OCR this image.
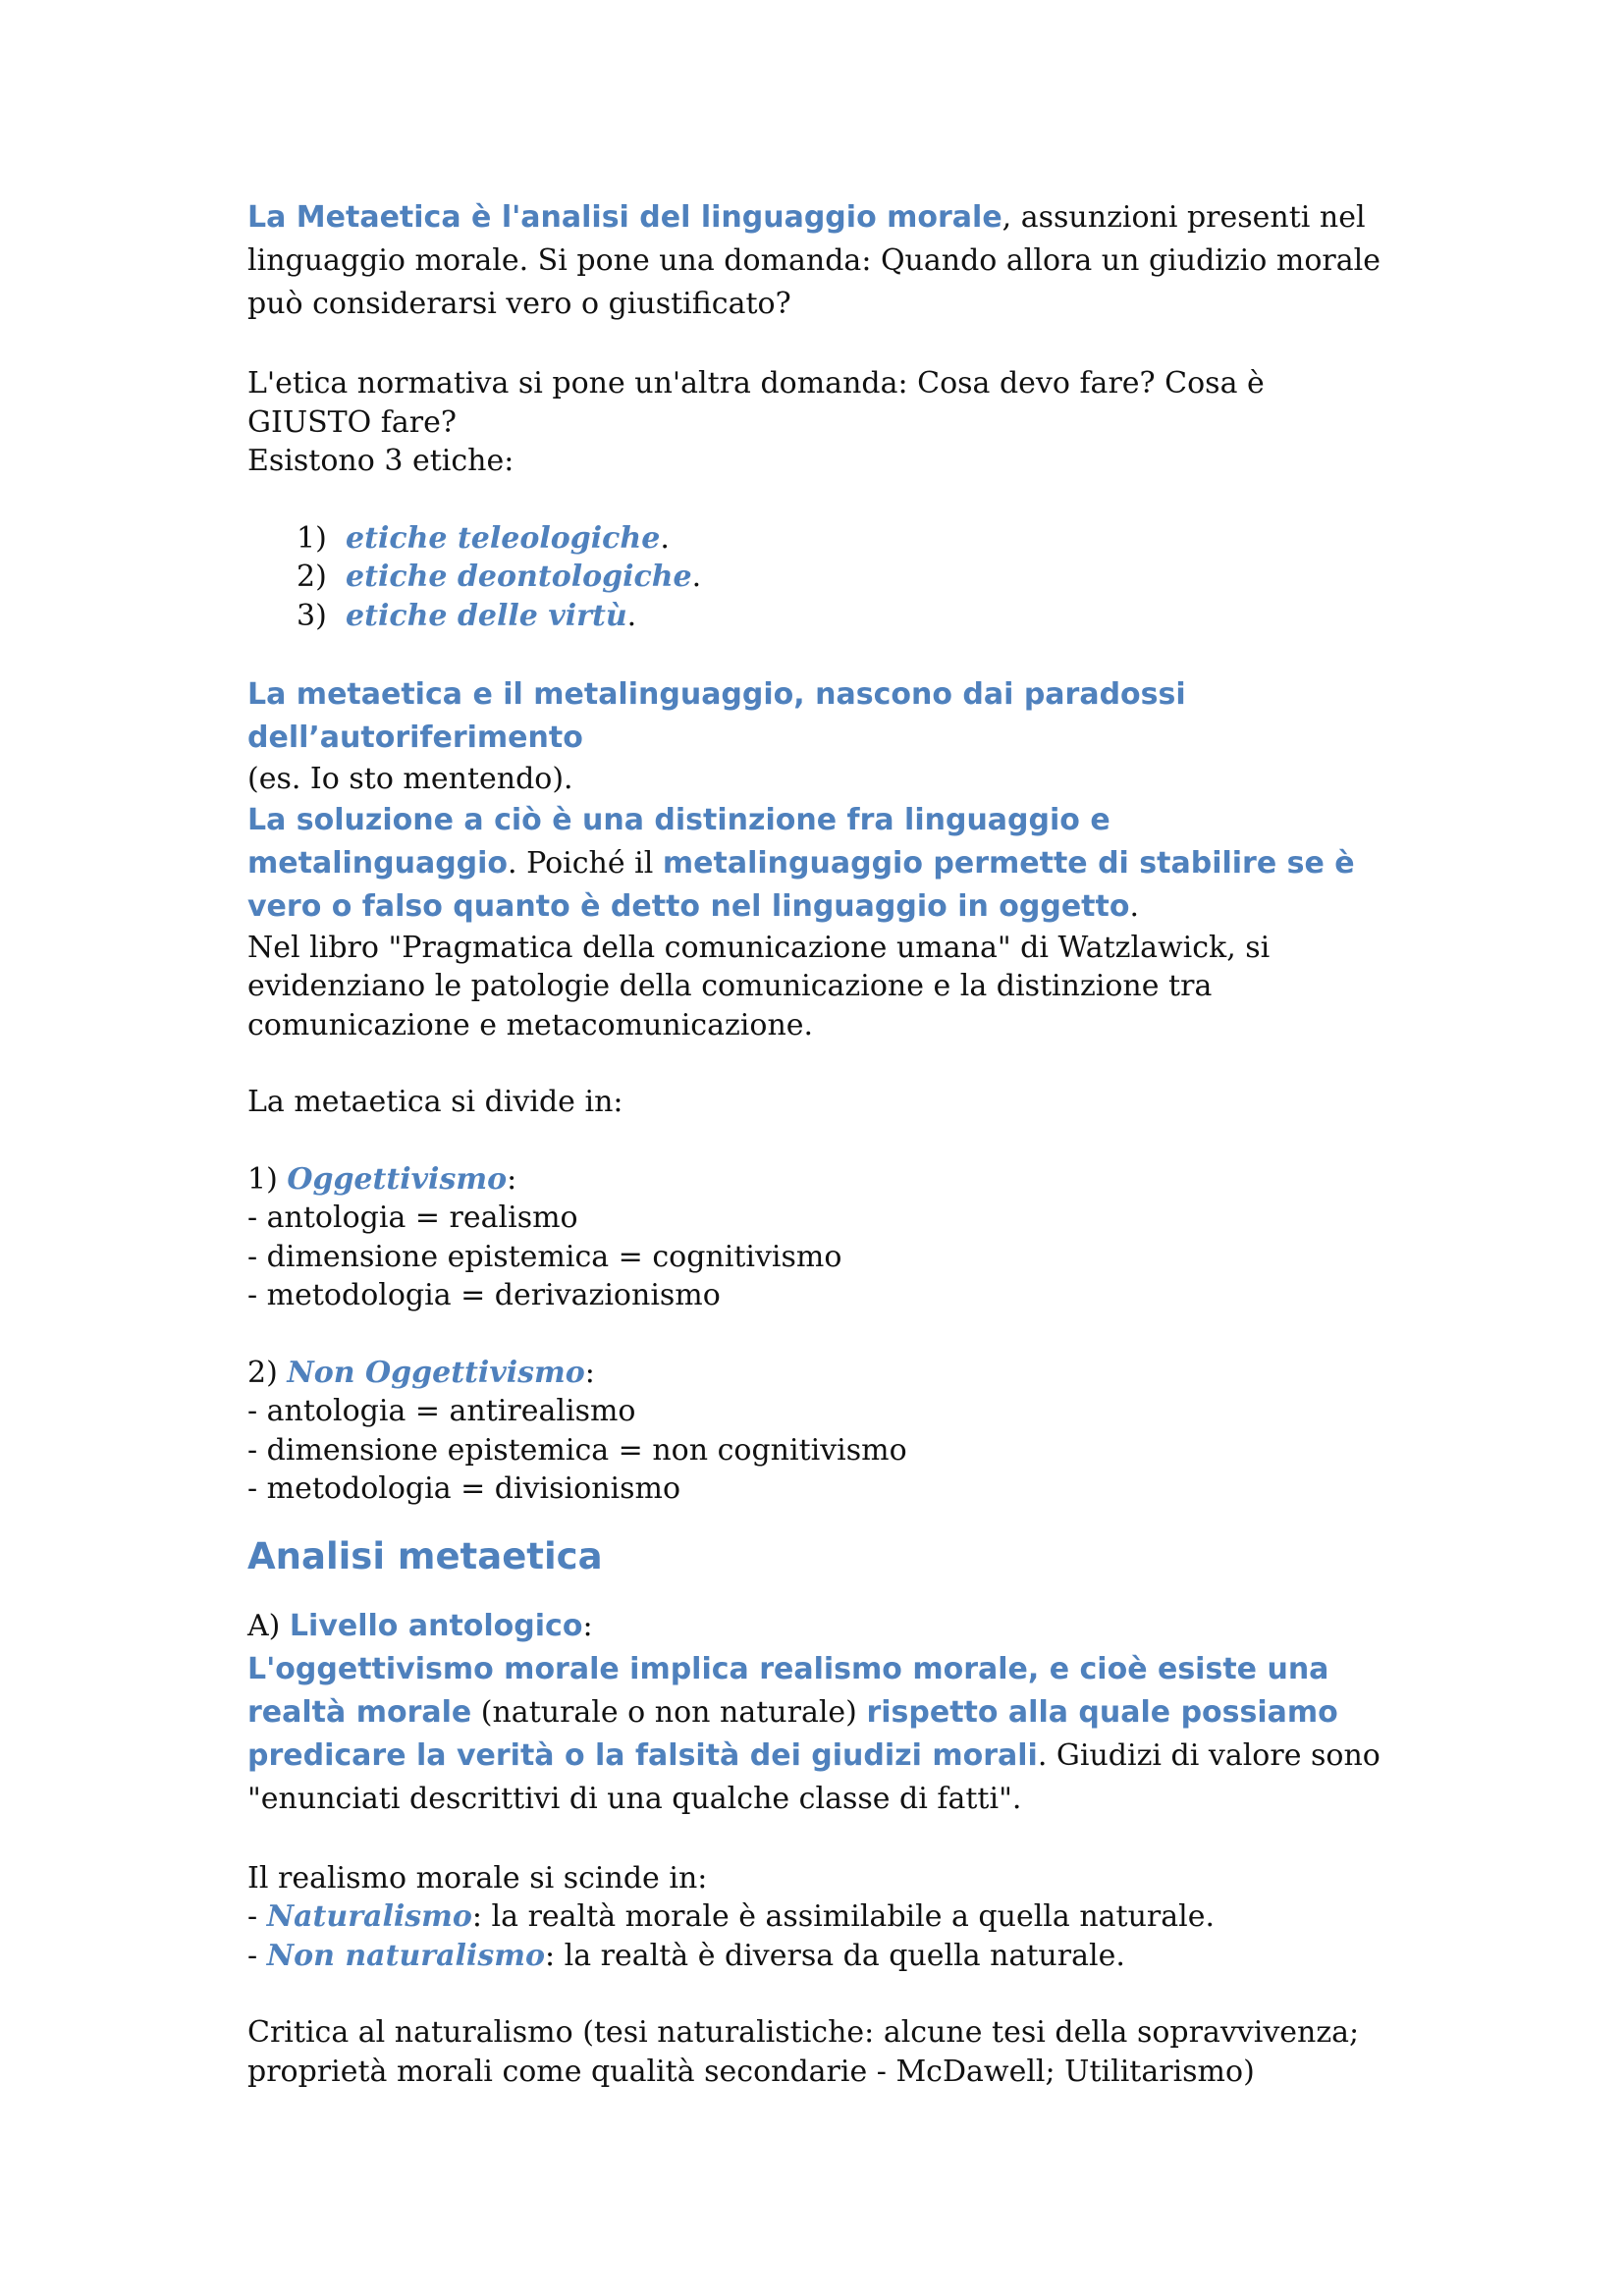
La Metaetica è l'analisi del linguaggio morale, assunzioni presenti nel linguaggio morale. Si pone una domanda: Quando allora un giudizio morale può considerarsi vero o giustificato?

L'etica normativa si pone un'altra domanda: Cosa devo fare? Cosa è GIUSTO fare?

Esistono 3 etiche:

1) etiche teleologiche.
2) etiche deontologiche.
3) etiche delle virtù.

La metaetica e il metalinguaggio, nascono dai paradossi dell’autoriferimento

(es. Io sto mentendo).

La soluzione a ciò è una distinzione fra linguaggio e metalinguaggio. Poiché il metalinguaggio permette di stabilire se è vero o falso quanto è detto nel linguaggio in oggetto.

Nel libro "Pragmatica della comunicazione umana" di Watzlawick, si evidenziano le patologie della comunicazione e la distinzione tra comunicazione e metacomunicazione.

La metaetica si divide in:

1) Oggettivismo:

- antologia = realismo

- dimensione epistemica = cognitivismo

- metodologia = derivazionismo

2) Non Oggettivismo:

- antologia = antirealismo

- dimensione epistemica = non cognitivismo

- metodologia = divisionismo

Analisi metaetica

A) Livello antologico:

L'oggettivismo morale implica realismo morale, e cioè esiste una realtà morale (naturale o non naturale) rispetto alla quale possiamo predicare la verità o la falsità dei giudizi morali. Giudizi di valore sono "enunciati descrittivi di una qualche classe di fatti".

Il realismo morale si scinde in:

- Naturalismo: la realtà morale è assimilabile a quella naturale.

- Non naturalismo: la realtà è diversa da quella naturale.

Critica al naturalismo (tesi naturalistiche: alcune tesi della sopravvivenza; proprietà morali come qualità secondarie - McDawell; Utilitarismo)
